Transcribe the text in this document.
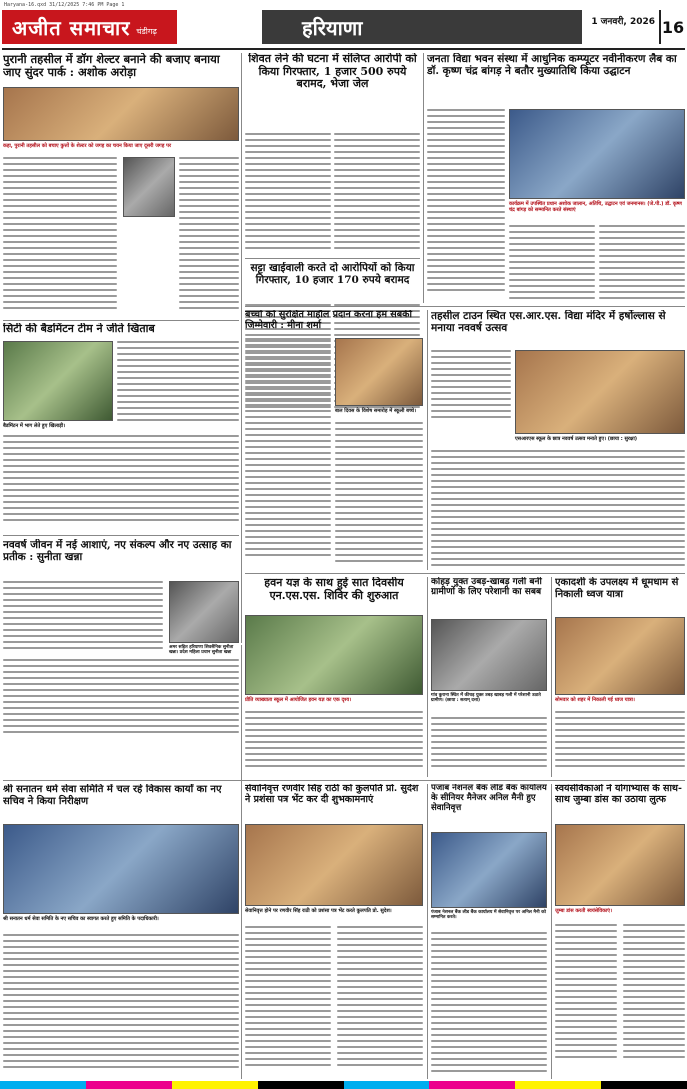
Haryana-16.qxd 31/12/2025 7:46 PM Page 1
अजीत समाचार चंडीगढ़	हरियाणा	1 जनवरी, 2026 16
पुरानी तहसील में डॉग शेल्टर बनाने की बजाए बनाया जाए सुंदर पार्क : अशोक अरोड़ा
कहा, पुरानी तहसील को बचाए कुत्तों के शेल्टर को जगह का चयन किया जाए दूसरी जगह पर
शिवत लेने की घटना में संलिप्त आरोपी को किया गिरफ्तार, 1 हजार 500 रुपये बरामद, भेजा जेल
जनता विद्या भवन संस्था में आधुनिक कम्प्यूटर नवीनीकरण लैब का डॉ. कृष्ण चंद्र बांगड़ ने बतौर मुख्यातिथि किया उद्घाटन
कार्यक्रम में उपस्थित प्रधान अशोक जालान, अतिथि, उद्घाटन एवं जनमानस। (जे.पी.) डॉ. कृष्ण चंद्र बांगड़ को सम्मानित करते संस्थाएं
सिटी की बैडमिंटन टीम ने जीते खिताब
बैडमिंटन में भाग लेते हुए खिलाड़ी।
सट्टा खाईवाली करते दो आरोपियों को किया गिरफ्तार, 10 हजार 170 रुपये बरामद
बच्चों को सुरक्षित माहौल प्रदान करना हम सबकी जिम्मेवारी : मीना शर्मा
बाल दिवस के विशेष समारोह में स्कूली बच्चे।
तहसील टाउन स्थित एस.आर.एस. विद्या मंदिर में हर्षोल्लास से मनाया नववर्ष उत्सव
एसआरएस स्कूल के छात्र नववर्ष उत्सव मनाते हुए। (छाया : सुरक्षा)
नववर्ष जीवन में नई आशाएं, नए संकल्प और नए उत्साह का प्रतीक : सुनीता खन्ना
अमर सहित हरियाणा शिवसैनिक सुनीता खन्ना। प्रदेश महिला प्रधान सुनीता खन्ना
हवन यज्ञ के साथ हुई सात दिवसीय एन.एस.एस. शिविर की शुरुआत
प्रीति व्याख्याता स्कूल में आयोजित हवन यज्ञ का एक दृश्य।
कोहड़ युक्त उबड़-खाबड़ गली बनी ग्रामीणों के लिए परेशानी का सबब
गांव कुराना स्थित में कीचड़ युक्त उबड़ खाबड़ गली में परेशानी उठाते ग्रामीण। (छाया : सत्यम् दत्ता)
एकादशी के उपलक्ष्य में धूमधाम से निकाली ध्वज यात्रा
सोमवार को शहर में निकाली गई ध्वज यात्रा।
श्री सनातन धर्म सेवा समिति में चल रहे विकास कार्यों का नए सचिव ने किया निरीक्षण
श्री सनातन धर्म सेवा समिति के नए सचिव का स्वागत करते हुए समिति के पदाधिकारी।
सेवानिवृत्त रणवीर सिंह राठी को कुलपति प्रो. सुदेश ने प्रशंसा पत्र भेंट कर दी शुभकामनाएं
सेवानिवृत्त होने पर रणवीर सिंह राठी को प्रशंसा पत्र भेंट करते कुलपति प्रो. सुदेश।
पंजाब नेशनल बैंक लीड बैंक कार्यालय के सीनियर मैनेजर अनिल मैनी हुए सेवानिवृत्त
पंजाब नेशनल बैंक लीड बैंक कार्यालय में सेवानिवृत्त पर अनिल मैनी को सम्मानित करते।
स्वयंसेविकाओं ने योगाभ्यास के साथ-साथ जुम्बा डांस का उठाया लुत्फ
जुम्बा डांस करती स्वयंसेविकाएं।
